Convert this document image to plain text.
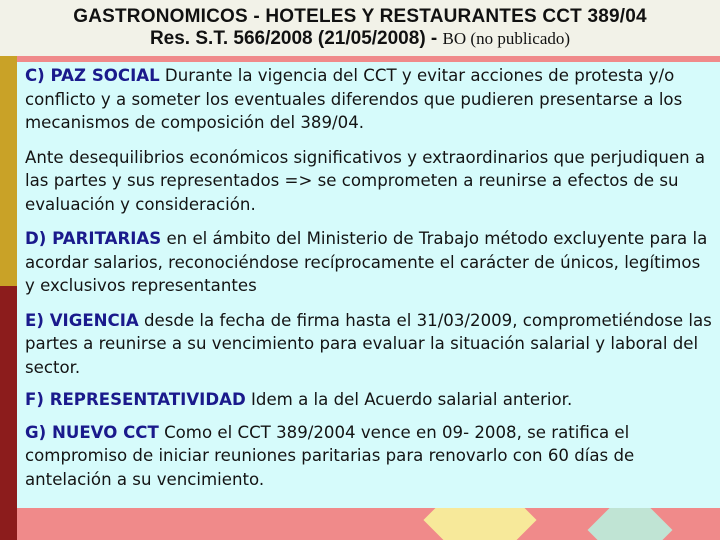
GASTRONOMICOS - HOTELES Y RESTAURANTES CCT 389/04
Res. S.T. 566/2008 (21/05/2008) - BO (no publicado)

C) PAZ SOCIAL Durante la vigencia del CCT y evitar acciones de protesta y/o conflicto y a someter los eventuales diferendos que pudieren presentarse a los mecanismos de composición del 389/04.

Ante desequilibrios económicos significativos y extraordinarios que perjudiquen a las partes y sus representados => se comprometen a reunirse a efectos de su evaluación y consideración.

D) PARITARIAS en el ámbito del Ministerio de Trabajo método excluyente para la acordar salarios, reconociéndose recíprocamente el carácter de únicos, legítimos y exclusivos representantes

E) VIGENCIA desde la fecha de firma hasta el 31/03/2009, comprometiéndose las partes a reunirse a su vencimiento para evaluar la situación salarial y laboral del sector.

F) REPRESENTATIVIDAD Idem a la del Acuerdo salarial anterior.

G) NUEVO CCT Como el CCT 389/2004 vence en 09- 2008, se ratifica el compromiso de iniciar reuniones paritarias para renovarlo con 60 días de antelación a su vencimiento.
